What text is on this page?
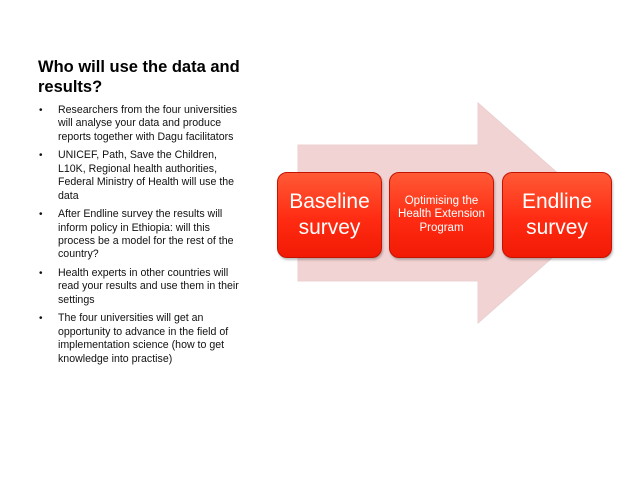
Who will use the data and results?
• Researchers from the four universities will analyse your data and produce reports together with Dagu facilitators
• UNICEF, Path, Save the Children, L10K, Regional health authorities, Federal Ministry of Health will use the data
• After Endline survey the results will inform policy in Ethiopia: will this process be a model for the rest of the country?
• Health experts in other countries will read your results and use them in their settings
• The four universities will get an opportunity to advance in the field of implementation science (how to get knowledge into practise)
Baseline survey
Optimising the Health Extension Program
Endline survey
